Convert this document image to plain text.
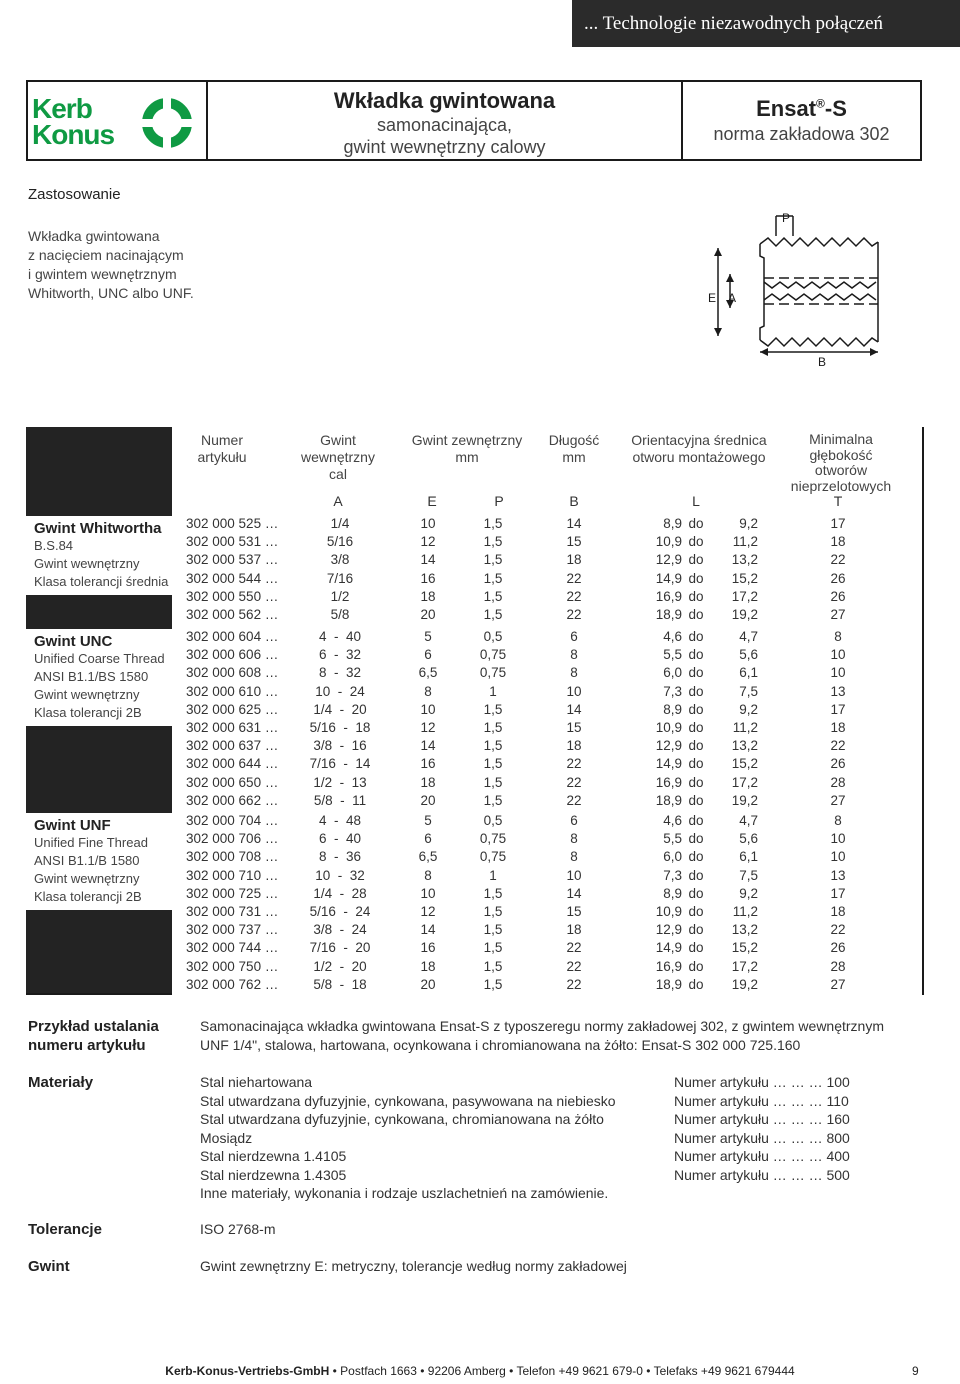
... Technologie niezawodnych połączeń
Kerb
Konus
Wkładka gwintowana
samonacinająca,
gwint wewnętrzny calowy
Ensat®-S
norma zakładowa 302
Zastosowanie
Wkładka gwintowana
z nacięciem nacinającym
i gwintem wewnętrznym
Whitworth, UNC albo UNF.
P
E A
B
Numer
artykułu
Gwint
wewnętrzny
cal
Gwint zewnętrzny
mm
Długość
mm
Orientacyjna średnica
otworu montażowego
Minimalna
głębokość
otworów
nieprzelotowych
A	E	P	B	L	T
Gwint Whitwortha
B.S.84
Gwint wewnętrzny
Klasa tolerancji średnia
302 000 525 …	1/4	10	1,5	14	8,9 do	9,2	17
302 000 531 …	5/16	12	1,5	15	10,9 do	11,2	18
302 000 537 …	3/8	14	1,5	18	12,9 do	13,2	22
302 000 544 …	7/16	16	1,5	22	14,9 do	15,2	26
302 000 550 …	1/2	18	1,5	22	16,9 do	17,2	26
302 000 562 …	5/8	20	1,5	22	18,9 do	19,2	27
Gwint UNC
Unified Coarse Thread
ANSI B1.1/BS 1580
Gwint wewnętrzny
Klasa tolerancji 2B
302 000 604 …	4  -  40	5	0,5	6	4,6 do	4,7	8
302 000 606 …	6  -  32	6	0,75	8	5,5 do	5,6	10
302 000 608 …	8  -  32	6,5	0,75	8	6,0 do	6,1	10
302 000 610 …	10  -  24	8	1	10	7,3 do	7,5	13
302 000 625 …	1/4  -  20	10	1,5	14	8,9 do	9,2	17
302 000 631 …	5/16  -  18	12	1,5	15	10,9 do	11,2	18
302 000 637 …	3/8  -  16	14	1,5	18	12,9 do	13,2	22
302 000 644 …	7/16  -  14	16	1,5	22	14,9 do	15,2	26
302 000 650 …	1/2  -  13	18	1,5	22	16,9 do	17,2	28
302 000 662 …	5/8  -  11	20	1,5	22	18,9 do	19,2	27
Gwint UNF
Unified Fine Thread
ANSI B1.1/B 1580
Gwint wewnętrzny
Klasa tolerancji 2B
302 000 704 …	4  -  48	5	0,5	6	4,6 do	4,7	8
302 000 706 …	6  -  40	6	0,75	8	5,5 do	5,6	10
302 000 708 …	8  -  36	6,5	0,75	8	6,0 do	6,1	10
302 000 710 …	10  -  32	8	1	10	7,3 do	7,5	13
302 000 725 …	1/4  -  28	10	1,5	14	8,9 do	9,2	17
302 000 731 …	5/16  -  24	12	1,5	15	10,9 do	11,2	18
302 000 737 …	3/8  -  24	14	1,5	18	12,9 do	13,2	22
302 000 744 …	7/16  -  20	16	1,5	22	14,9 do	15,2	26
302 000 750 …	1/2  -  20	18	1,5	22	16,9 do	17,2	28
302 000 762 …	5/8  -  18	20	1,5	22	18,9 do	19,2	27
Przykład ustalania
numeru artykułu
Samonacinająca wkładka gwintowana Ensat-S z typoszeregu normy zakładowej 302, z gwintem wewnętrznym
UNF 1/4", stalowa, hartowana, ocynkowana i chromianowana na żółto: Ensat-S 302 000 725.160
Materiały	Stal niehartowana	Numer artykułu … … … 100
Stal utwardzana dyfuzyjnie, cynkowana, pasywowana na niebiesko	Numer artykułu … … … 110
Stal utwardzana dyfuzyjnie, cynkowana, chromianowana na żółto	Numer artykułu … … … 160
Mosiądz	Numer artykułu … … … 800
Stal nierdzewna 1.4105	Numer artykułu … … … 400
Stal nierdzewna 1.4305	Numer artykułu … … … 500
Inne materiały, wykonania i rodzaje uszlachetnień na zamówienie.
Tolerancje	ISO 2768-m
Gwint	Gwint zewnętrzny E: metryczny, tolerancje według normy zakładowej
Kerb-Konus-Vertriebs-GmbH • Postfach 1663 • 92206 Amberg • Telefon +49 9621 679-0 • Telefaks +49 9621 679444	9
